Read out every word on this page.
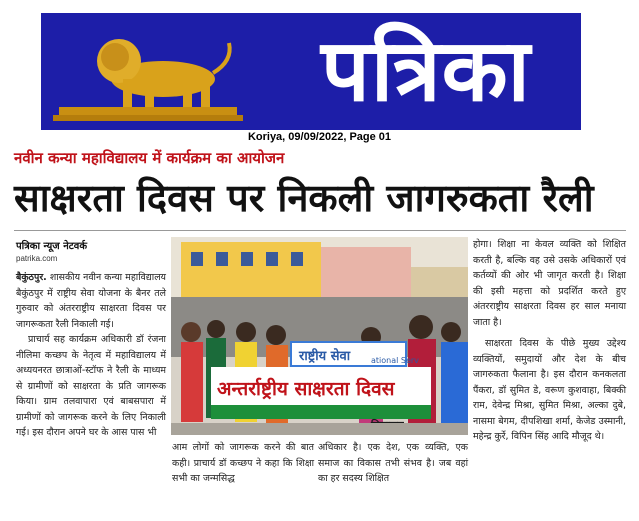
पत्रिका
Koriya, 09/09/2022, Page 01
नवीन कन्या महाविद्यालय में कार्यक्रम का आयोजन
साक्षरता दिवस पर निकली जागरुकता रैली
पत्रिका न्यूज नेटवर्क
patrika.com

बैकुंठपुर. शासकीय नवीन कन्या महाविद्यालय बैकुंठपुर में राष्ट्रीय सेवा योजना के बैनर तले गुरुवार को अंतरराष्ट्रीय साक्षरता दिवस पर जागरूकता रैली निकाली गई।

प्राचार्य सह कार्यक्रम अधिकारी डॉ रंजना नीलिमा कच्छप के नेतृत्व में महाविद्यालय में अध्ययनरत छात्राओं-स्टॉफ ने रैली के माध्यम से ग्रामीणों को साक्षरता के प्रति जागरूक किया। ग्राम तलवापारा एवं बाबसपारा में ग्रामीणों को जागरूक करने के लिए निकाली गई। इस दौरान अपने घर के आस पास भी

राष्ट्रीय सेवा	ational Serv
अन्तर्राष्ट्रीय साक्षरता दिवस
आम लोगों को जागरूक करने की बात कही। प्राचार्य डॉ कच्छप ने कहा कि शिक्षा सभी का जन्मसिद्ध
अधिकार है। एक देश, एक व्यक्ति, एक समाज का विकास तभी संभव है। जब वहां का हर सदस्य शिक्षित

होगा। शिक्षा ना केवल व्यक्ति को शिक्षित करती है, बल्कि वह उसे उसके अधिकारों एवं कर्तव्यों की ओर भी जागृत करती है। शिक्षा की इसी महत्ता को प्रदर्शित करते हुए अंतरराष्ट्रीय साक्षरता दिवस हर साल मनाया जाता है।

साक्षरता दिवस के पीछे मुख्य उद्देश्य व्यक्तियों, समुदायों और देश के बीच जागरुकता फैलाना है। इस दौरान कनकलता पैंकरा, डॉ सुमित डे, वरूण कुशवाहा, बिक्की राम, देवेन्द्र मिश्रा, सुमित मिश्रा, अल्का दुबे, नासमा बेगम, दीपशिखा शर्मा, केजेड उस्मानी, महेन्द्र कुर्रे, विपिन सिंह आदि मौजूद थे।
